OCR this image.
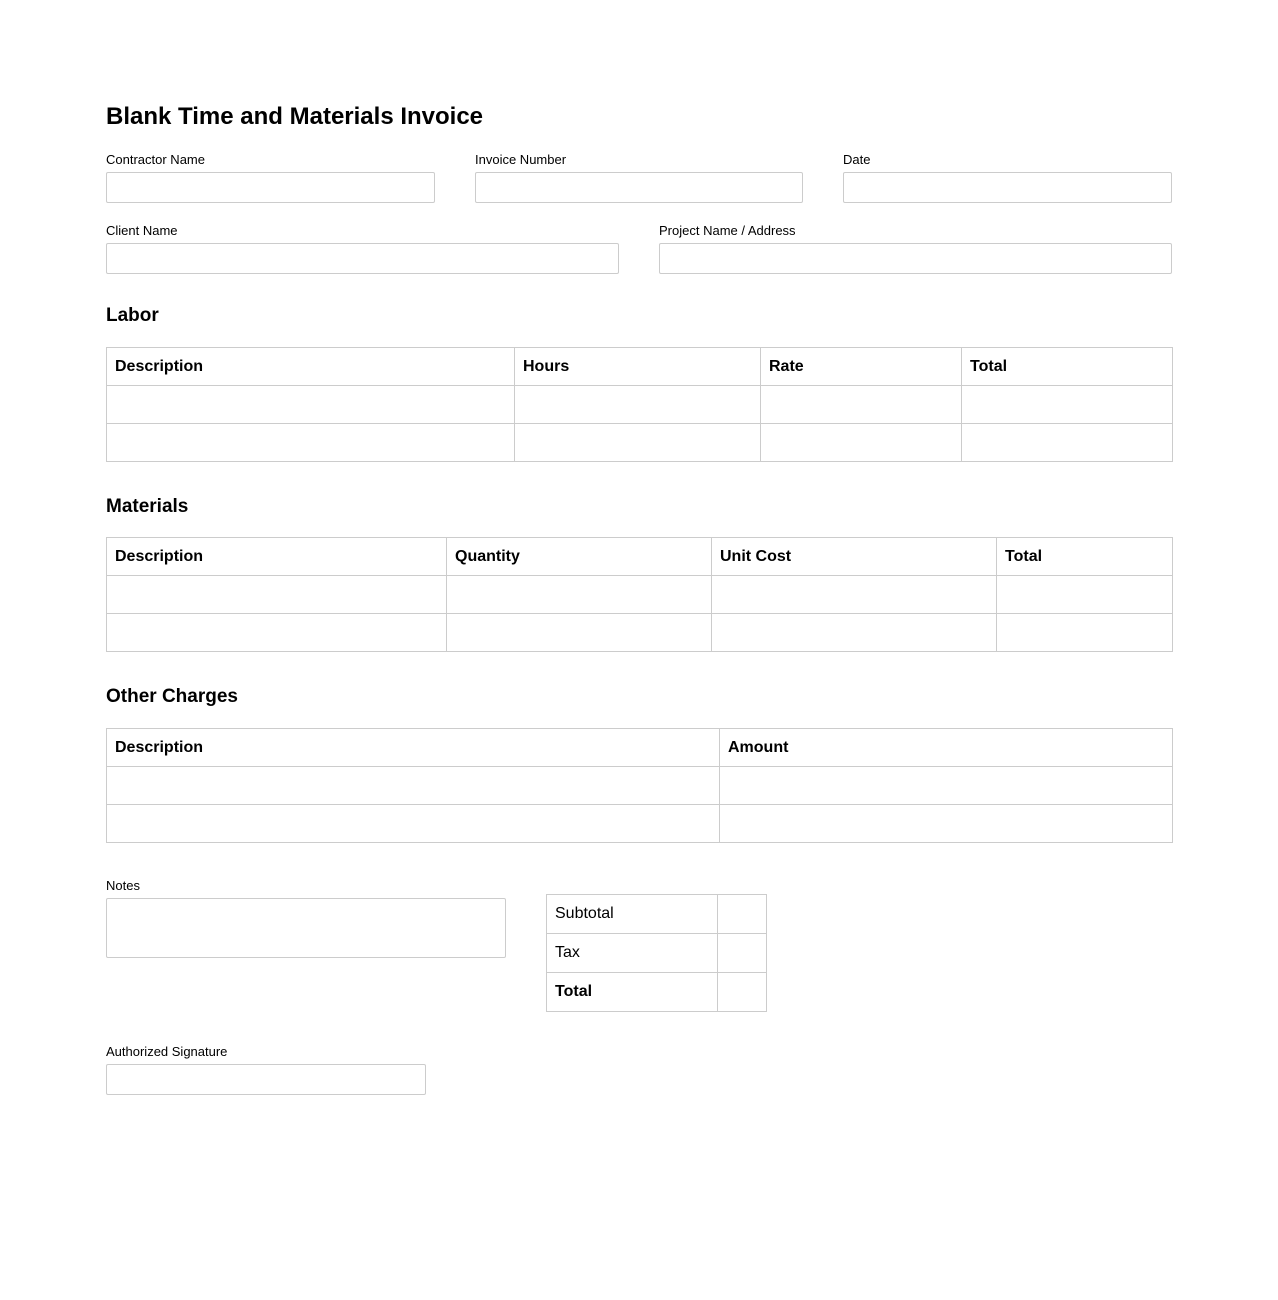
Blank Time and Materials Invoice
Contractor Name	Invoice Number	Date
Client Name	Project Name / Address
Labor
Description	Hours	Rate	Total

Materials
Description	Quantity	Unit Cost	Total

Other Charges
Description	Amount

Notes
Subtotal	
Tax	
Total	
Authorized Signature
